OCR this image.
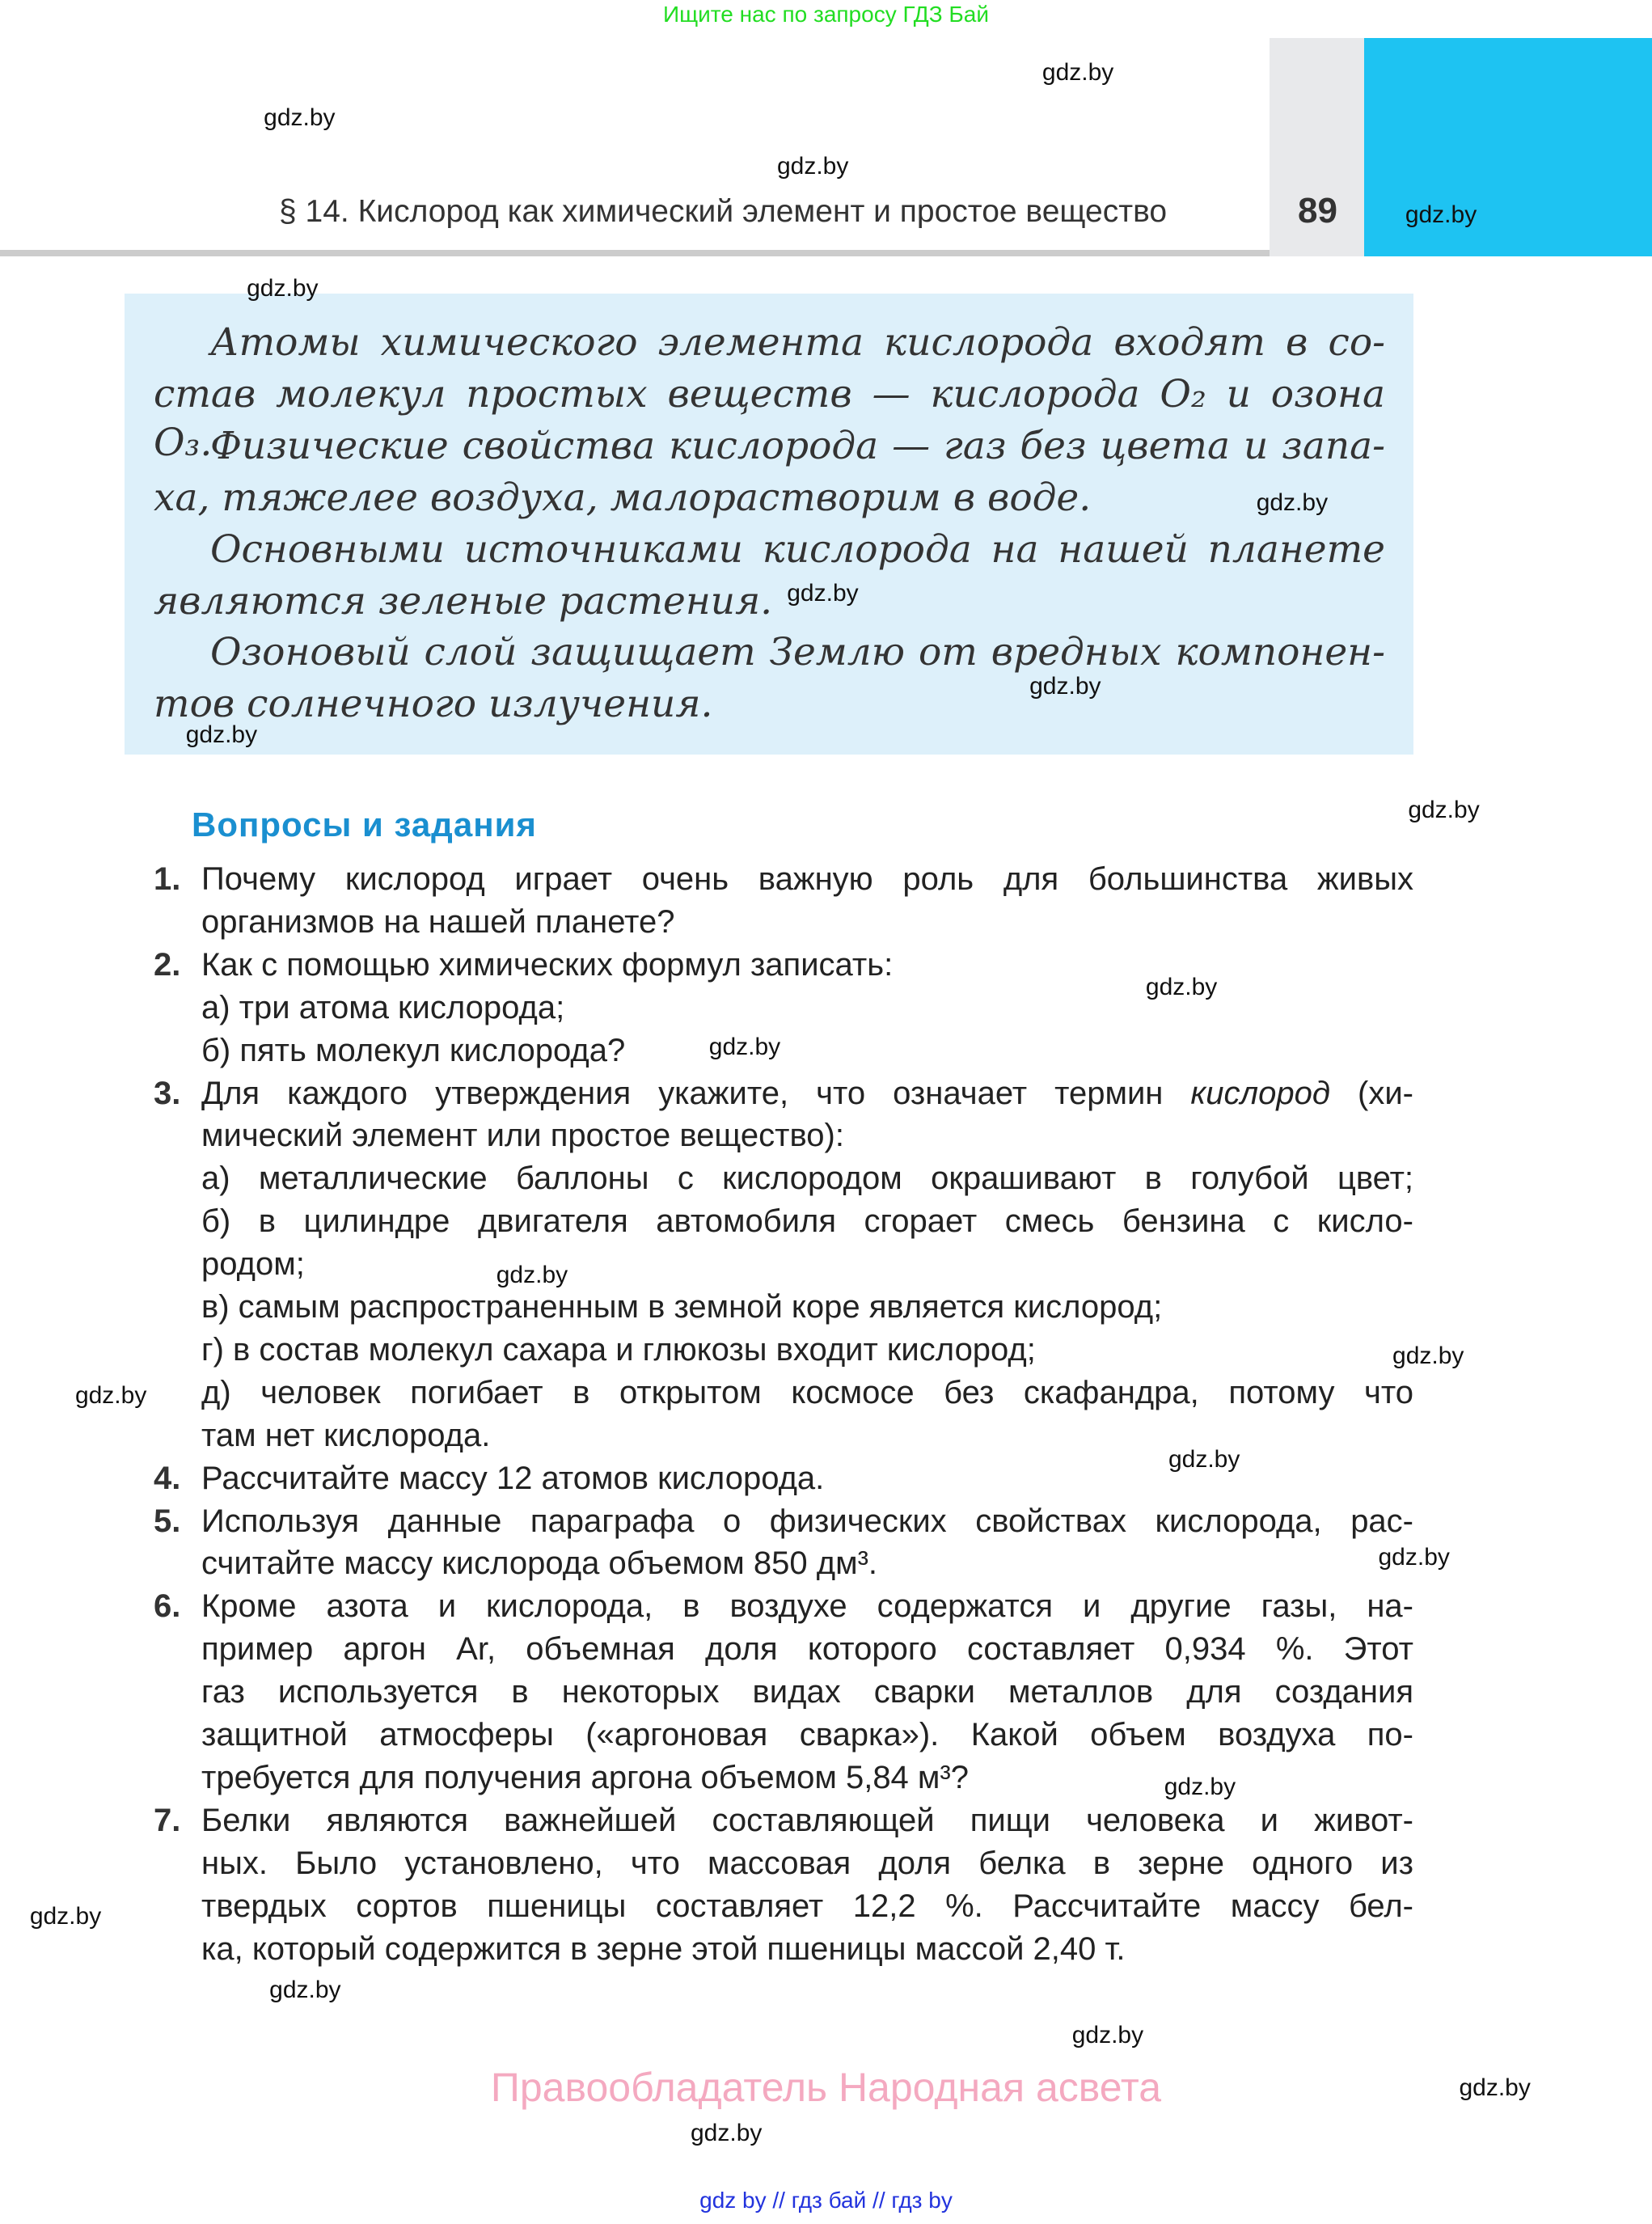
Ищите нас по запросу ГДЗ Бай
§ 14. Кислород как химический элемент и простое вещество	89
Атомы химического элемента кислорода входят в со-
став молекул простых веществ — кислорода O₂ и озона O₃.
Физические свойства кислорода — газ без цвета и запа-
ха, тяжелее воздуха, малорастворим в воде.
Основными источниками кислорода на нашей планете
являются зеленые растения.
Озоновый слой защищает Землю от вредных компонен-
тов солнечного излучения.
Вопросы и задания
1. Почему кислород играет очень важную роль для большинства живых
организмов на нашей планете?
2. Как с помощью химических формул записать:
а) три атома кислорода;
б) пять молекул кислорода?
3. Для каждого утверждения укажите, что означает термин кислород (хи-
мический элемент или простое вещество):
а) металлические баллоны с кислородом окрашивают в голубой цвет;
б) в цилиндре двигателя автомобиля сгорает смесь бензина с кисло-
родом;
в) самым распространенным в земной коре является кислород;
г) в состав молекул сахара и глюкозы входит кислород;
д) человек погибает в открытом космосе без скафандра, потому что
там нет кислорода.
4. Рассчитайте массу 12 атомов кислорода.
5. Используя данные параграфа о физических свойствах кислорода, рас-
считайте массу кислорода объемом 850 дм³.
6. Кроме азота и кислорода, в воздухе содержатся и другие газы, на-
пример аргон Ar, объемная доля которого составляет 0,934 %. Этот
газ используется в некоторых видах сварки металлов для создания
защитной атмосферы («аргоновая сварка»). Какой объем воздуха по-
требуется для получения аргона объемом 5,84 м³?
7. Белки являются важнейшей составляющей пищи человека и живот-
ных. Было установлено, что массовая доля белка в зерне одного из
твердых сортов пшеницы составляет 12,2 %. Рассчитайте массу бел-
ка, который содержится в зерне этой пшеницы массой 2,40 т.
gdz.by
gdz.by
gdz.by
gdz.by
gdz.by
gdz.by
gdz.by
gdz.by
gdz.by
gdz.by
gdz.by
gdz.by
gdz.by
gdz.by
gdz.by
gdz.by
gdz.by
gdz.by
gdz.by
gdz.by
gdz.by
gdz.by
gdz.by
Правообладатель Народная асвета
gdz by // гдз бай // гдз by
